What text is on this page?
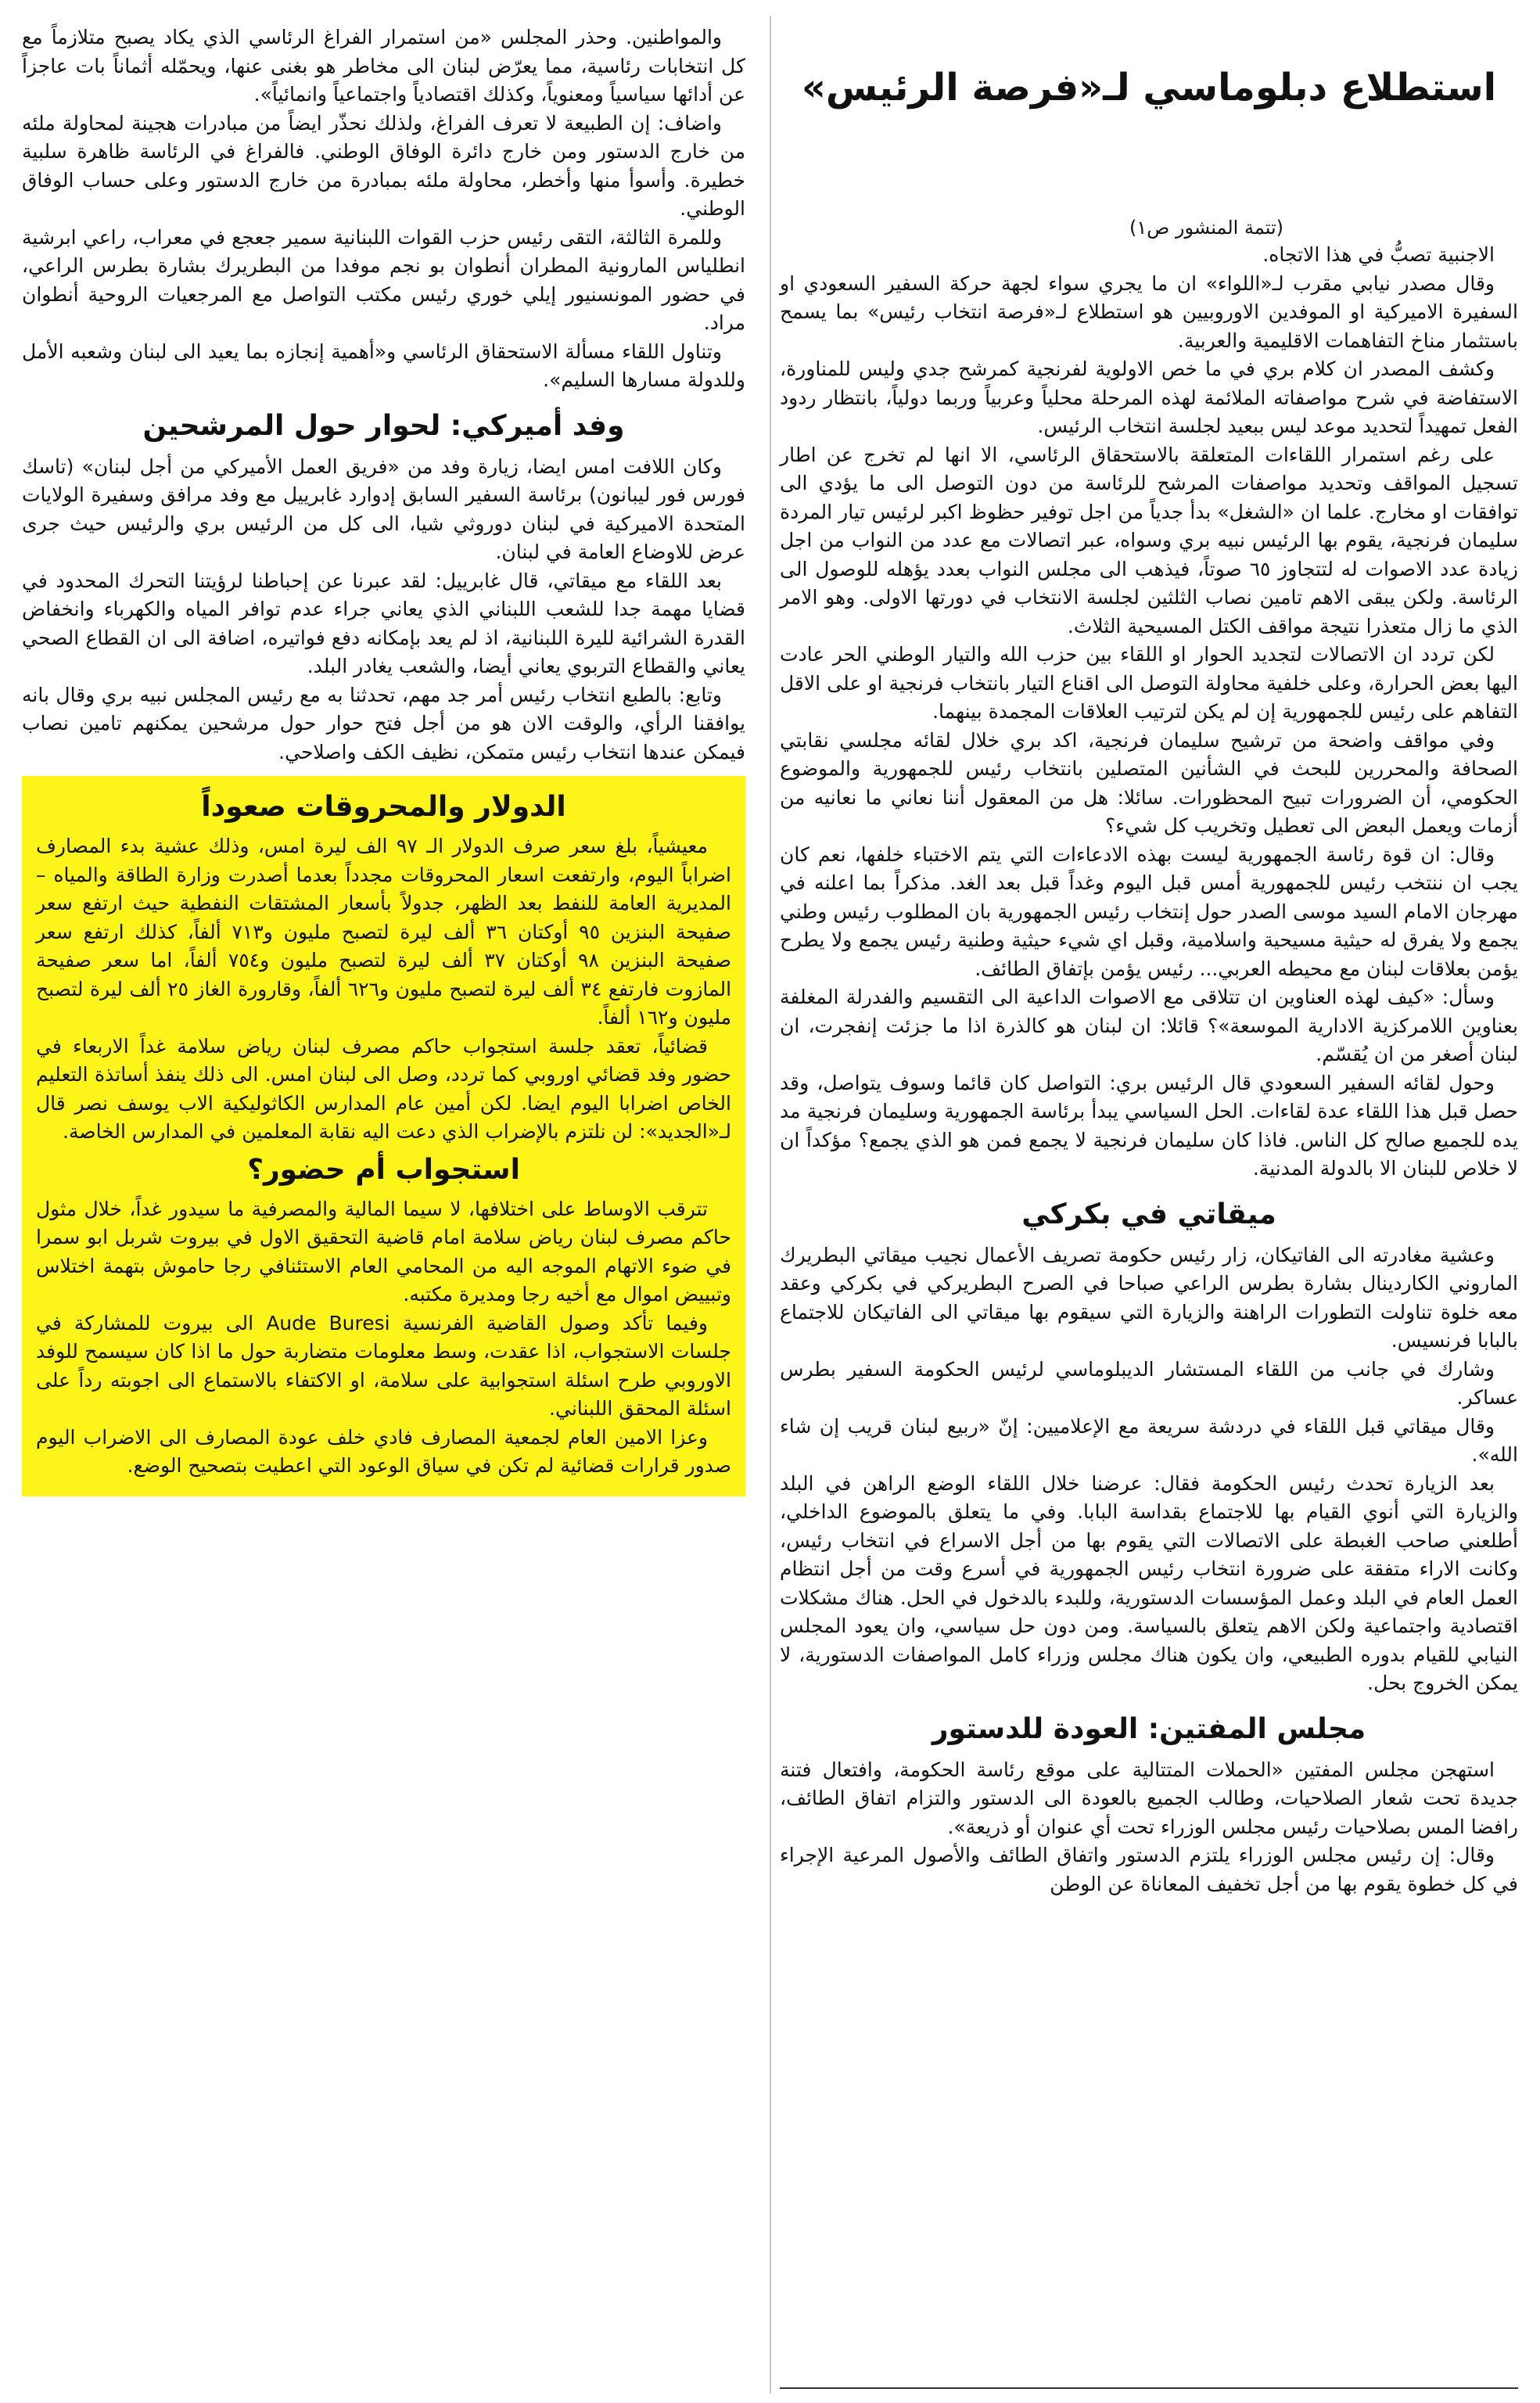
استطلاع دبلوماسي لـ«فرصة الرئيس»
(تتمة المنشور ص١)

الاجنبية تصبُّ في هذا الاتجاه.

وقال مصدر نيابي مقرب لـ«اللواء» ان ما يجري سواء لجهة حركة السفير السعودي او السفيرة الاميركية او الموفدين الاوروبيين هو استطلاع لـ«فرصة انتخاب رئيس» بما يسمح باستثمار مناخ التفاهمات الاقليمية والعربية.

وكشف المصدر ان كلام بري في ما خص الاولوية لفرنجية كمرشح جدي وليس للمناورة، الاستفاضة في شرح مواصفاته الملائمة لهذه المرحلة محلياً وعربياً وربما دولياً، بانتظار ردود الفعل تمهيداً لتحديد موعد ليس ببعيد لجلسة انتخاب الرئيس.

على رغم استمرار اللقاءات المتعلقة بالاستحقاق الرئاسي، الا انها لم تخرج عن اطار تسجيل المواقف وتحديد مواصفات المرشح للرئاسة من دون التوصل الى ما يؤدي الى توافقات او مخارج. علما ان «الشغل» بدأ جدياً من اجل توفير حظوظ اكبر لرئيس تيار المردة سليمان فرنجية، يقوم بها الرئيس نبيه بري وسواه، عبر اتصالات مع عدد من النواب من اجل زيادة عدد الاصوات له لتتجاوز ٦٥ صوتاً، فيذهب الى مجلس النواب بعدد يؤهله للوصول الى الرئاسة. ولكن يبقى الاهم تامين نصاب الثلثين لجلسة الانتخاب في دورتها الاولى. وهو الامر الذي ما زال متعذرا نتيجة مواقف الكتل المسيحية الثلاث.

لكن تردد ان الاتصالات لتجديد الحوار او اللقاء بين حزب الله والتيار الوطني الحر عادت اليها بعض الحرارة، وعلى خلفية محاولة التوصل الى اقناع التيار بانتخاب فرنجية او على الاقل التفاهم على رئيس للجمهورية إن لم يكن لترتيب العلاقات المجمدة بينهما.

وفي مواقف واضحة من ترشيح سليمان فرنجية، اكد بري خلال لقائه مجلسي نقابتي الصحافة والمحررين للبحث في الشأنين المتصلين بانتخاب رئيس للجمهورية والموضوع الحكومي، أن الضرورات تبيح المحظورات. سائلا: هل من المعقول أننا نعاني ما نعانيه من أزمات ويعمل البعض الى تعطيل وتخريب كل شيء؟

وقال: ان قوة رئاسة الجمهورية ليست بهذه الادعاءات التي يتم الاختباء خلفها، نعم كان يجب ان ننتخب رئيس للجمهورية أمس قبل اليوم وغداً قبل بعد الغد. مذكراً بما اعلنه في مهرجان الامام السيد موسى الصدر حول إنتخاب رئيس الجمهورية بان المطلوب رئيس وطني يجمع ولا يفرق له حيثية مسيحية واسلامية، وقبل اي شيء حيثية وطنية رئيس يجمع ولا يطرح يؤمن بعلاقات لبنان مع محيطه العربي... رئيس يؤمن بإتفاق الطائف.

وسأل: «كيف لهذه العناوين ان تتلاقى مع الاصوات الداعية الى التقسيم والفدرلة المغلفة بعناوين اللامركزية الادارية الموسعة»؟ قائلا: ان لبنان هو كالذرة اذا ما جزئت إنفجرت، ان لبنان أصغر من ان يُقسّم.

وحول لقائه السفير السعودي قال الرئيس بري: التواصل كان قائما وسوف يتواصل، وقد حصل قبل هذا اللقاء عدة لقاءات. الحل السياسي يبدأ برئاسة الجمهورية وسليمان فرنجية مد يده للجميع صالح كل الناس. فاذا كان سليمان فرنجية لا يجمع فمن هو الذي يجمع؟ مؤكداً ان لا خلاص للبنان الا بالدولة المدنية.

ميقاتي في بكركي

وعشية مغادرته الى الفاتيكان، زار رئيس حكومة تصريف الأعمال نجيب ميقاتي البطريرك الماروني الكاردينال بشارة بطرس الراعي صباحا في الصرح البطريركي في بكركي وعقد معه خلوة تناولت التطورات الراهنة والزيارة التي سيقوم بها ميقاتي الى الفاتيكان للاجتماع بالبابا فرنسيس.

وشارك في جانب من اللقاء المستشار الديبلوماسي لرئيس الحكومة السفير بطرس عساكر.

وقال ميقاتي قبل اللقاء في دردشة سريعة مع الإعلاميين: إنّ «ربيع لبنان قريب إن شاء الله».

بعد الزيارة تحدث رئيس الحكومة فقال: عرضنا خلال اللقاء الوضع الراهن في البلد والزيارة التي أنوي القيام بها للاجتماع بقداسة البابا. وفي ما يتعلق بالموضوع الداخلي، أطلعني صاحب الغبطة على الاتصالات التي يقوم بها من أجل الاسراع في انتخاب رئيس، وكانت الاراء متفقة على ضرورة انتخاب رئيس الجمهورية في أسرع وقت من أجل انتظام العمل العام في البلد وعمل المؤسسات الدستورية، وللبدء بالدخول في الحل. هناك مشكلات اقتصادية واجتماعية ولكن الاهم يتعلق بالسياسة. ومن دون حل سياسي، وان يعود المجلس النيابي للقيام بدوره الطبيعي، وان يكون هناك مجلس وزراء كامل المواصفات الدستورية، لا يمكن الخروج بحل.

مجلس المفتين: العودة للدستور

استهجن مجلس المفتين «الحملات المتتالية على موقع رئاسة الحكومة، وافتعال فتنة جديدة تحت شعار الصلاحيات، وطالب الجميع بالعودة الى الدستور والتزام اتفاق الطائف، رافضا المس بصلاحيات رئيس مجلس الوزراء تحت أي عنوان أو ذريعة».

وقال: إن رئيس مجلس الوزراء يلتزم الدستور واتفاق الطائف والأصول المرعية الإجراء في كل خطوة يقوم بها من أجل تخفيف المعاناة عن الوطن

والمواطنين. وحذر المجلس «من استمرار الفراغ الرئاسي الذي يكاد يصبح متلازماً مع كل انتخابات رئاسية، مما يعرّض لبنان الى مخاطر هو بغنى عنها، ويحمّله أثماناً بات عاجزاً عن أدائها سياسياً ومعنوياً، وكذلك اقتصادياً واجتماعياً وانمائياً».

واضاف: إن الطبيعة لا تعرف الفراغ، ولذلك نحذّر ايضاً من مبادرات هجينة لمحاولة ملئه من خارج الدستور ومن خارج دائرة الوفاق الوطني. فالفراغ في الرئاسة ظاهرة سلبية خطيرة. وأسوأ منها وأخطر، محاولة ملئه بمبادرة من خارج الدستور وعلى حساب الوفاق الوطني.

وللمرة الثالثة، التقى رئيس حزب القوات اللبنانية سمير جعجع في معراب، راعي ابرشية انطلياس المارونية المطران أنطوان بو نجم موفدا من البطريرك بشارة بطرس الراعي، في حضور المونسنيور إيلي خوري رئيس مكتب التواصل مع المرجعيات الروحية أنطوان مراد.

وتناول اللقاء مسألة الاستحقاق الرئاسي و«أهمية إنجازه بما يعيد الى لبنان وشعبه الأمل وللدولة مسارها السليم».

وفد أميركي: لحوار حول المرشحين

وكان اللافت امس ايضا، زيارة وفد من «فريق العمل الأميركي من أجل لبنان» (تاسك فورس فور ليبانون) برئاسة السفير السابق إدوارد غابرييل مع وفد مرافق وسفيرة الولايات المتحدة الاميركية في لبنان دوروثي شيا، الى كل من الرئيس بري والرئيس حيث جرى عرض للاوضاع العامة في لبنان.

بعد اللقاء مع ميقاتي، قال غابرييل: لقد عبرنا عن إحباطنا لرؤيتنا التحرك المحدود في قضايا مهمة جدا للشعب اللبناني الذي يعاني جراء عدم توافر المياه والكهرباء وانخفاض القدرة الشرائية لليرة اللبنانية، اذ لم يعد بإمكانه دفع فواتيره، اضافة الى ان القطاع الصحي يعاني والقطاع التربوي يعاني أيضا، والشعب يغادر البلد.

وتابع: بالطبع انتخاب رئيس أمر جد مهم، تحدثنا به مع رئيس المجلس نبيه بري وقال بانه يوافقنا الرأي، والوقت الان هو من أجل فتح حوار حول مرشحين يمكنهم تامين نصاب فيمكن عندها انتخاب رئيس متمكن، نظيف الكف واصلاحي.

الدولار والمحروقات صعوداً

معيشياً، بلغ سعر صرف الدولار الـ ٩٧ الف ليرة امس، وذلك عشية بدء المصارف اضراباً اليوم، وارتفعت اسعار المحروقات مجدداً بعدما أصدرت وزارة الطاقة والمياه – المديرية العامة للنفط بعد الظهر، جدولاً بأسعار المشتقات النفطية حيث ارتفع سعر صفيحة البنزين ٩٥ أوكتان ٣٦ ألف ليرة لتصبح مليون و٧١٣ ألفاً، كذلك ارتفع سعر صفيحة البنزين ٩٨ أوكتان ٣٧ ألف ليرة لتصبح مليون و٧٥٤ ألفاً، اما سعر صفيحة المازوت فارتفع ٣٤ ألف ليرة لتصبح مليون و٦٢٦ ألفاً، وقارورة الغاز ٢٥ ألف ليرة لتصبح مليون و١٦٢ ألفاً.

قضائياً، تعقد جلسة استجواب حاكم مصرف لبنان رياض سلامة غداً الاربعاء في حضور وفد قضائي اوروبي كما تردد، وصل الى لبنان امس. الى ذلك ينفذ أساتذة التعليم الخاص اضرابا اليوم ايضا. لكن أمين عام المدارس الكاثوليكية الاب يوسف نصر قال لـ«الجديد»: لن نلتزم بالإضراب الذي دعت اليه نقابة المعلمين في المدارس الخاصة.

استجواب أم حضور؟

تترقب الاوساط على اختلافها، لا سيما المالية والمصرفية ما سيدور غداً، خلال مثول حاكم مصرف لبنان رياض سلامة امام قاضية التحقيق الاول في بيروت شربل ابو سمرا في ضوء الاتهام الموجه اليه من المحامي العام الاستئنافي رجا حاموش بتهمة اختلاس وتبييض اموال مع أخيه رجا ومديرة مكتبه.

وفيما تأكد وصول القاضية الفرنسية Aude Buresi الى بيروت للمشاركة في جلسات الاستجواب، اذا عقدت، وسط معلومات متضاربة حول ما اذا كان سيسمح للوفد الاوروبي طرح اسئلة استجوابية على سلامة، او الاكتفاء بالاستماع الى اجوبته رداً على اسئلة المحقق اللبناني.

وعزا الامين العام لجمعية المصارف فادي خلف عودة المصارف الى الاضراب اليوم صدور قرارات قضائية لم تكن في سياق الوعود التي اعطيت بتصحيح الوضع.
